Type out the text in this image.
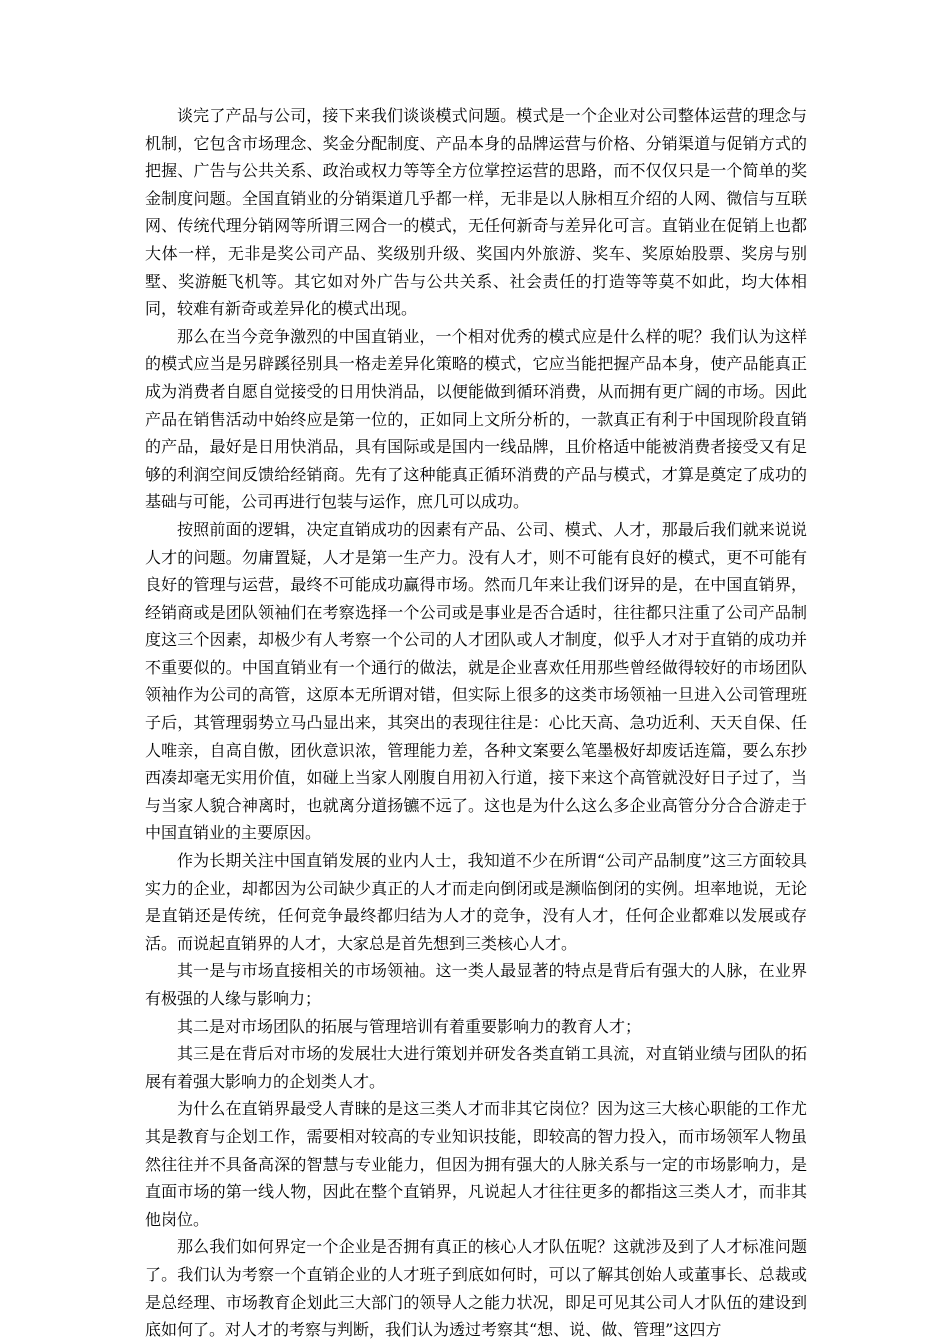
谈完了产品与公司，接下来我们谈谈模式问题。模式是一个企业对公司整体运营的理念与机制，它包含市场理念、奖金分配制度、产品本身的品牌运营与价格、分销渠道与促销方式的把握、广告与公共关系、政治或权力等等全方位掌控运营的思路，而不仅仅只是一个简单的奖金制度问题。全国直销业的分销渠道几乎都一样，无非是以人脉相互介绍的人网、微信与互联网、传统代理分销网等所谓三网合一的模式，无任何新奇与差异化可言。直销业在促销上也都大体一样，无非是奖公司产品、奖级别升级、奖国内外旅游、奖车、奖原始股票、奖房与别墅、奖游艇飞机等。其它如对外广告与公共关系、社会责任的打造等等莫不如此，均大体相同，较难有新奇或差异化的模式出现。

那么在当今竞争激烈的中国直销业，一个相对优秀的模式应是什么样的呢？我们认为这样的模式应当是另辟蹊径别具一格走差异化策略的模式，它应当能把握产品本身，使产品能真正成为消费者自愿自觉接受的日用快消品，以便能做到循环消费，从而拥有更广阔的市场。因此产品在销售活动中始终应是第一位的，正如同上文所分析的，一款真正有利于中国现阶段直销的产品，最好是日用快消品，具有国际或是国内一线品牌，且价格适中能被消费者接受又有足够的利润空间反馈给经销商。先有了这种能真正循环消费的产品与模式，才算是奠定了成功的基础与可能，公司再进行包装与运作，庶几可以成功。

按照前面的逻辑，决定直销成功的因素有产品、公司、模式、人才，那最后我们就来说说人才的问题。勿庸置疑，人才是第一生产力。没有人才，则不可能有良好的模式，更不可能有良好的管理与运营，最终不可能成功赢得市场。然而几年来让我们讶异的是，在中国直销界，经销商或是团队领袖们在考察选择一个公司或是事业是否合适时，往往都只注重了公司产品制度这三个因素，却极少有人考察一个公司的人才团队或人才制度，似乎人才对于直销的成功并不重要似的。中国直销业有一个通行的做法，就是企业喜欢任用那些曾经做得较好的市场团队领袖作为公司的高管，这原本无所谓对错，但实际上很多的这类市场领袖一旦进入公司管理班子后，其管理弱势立马凸显出来，其突出的表现往往是：心比天高、急功近利、天天自保、任人唯亲，自高自傲，团伙意识浓，管理能力差，各种文案要么笔墨极好却废话连篇，要么东抄西凑却毫无实用价值，如碰上当家人刚腹自用初入行道，接下来这个高管就没好日子过了，当与当家人貌合神离时，也就离分道扬镳不远了。这也是为什么这么多企业高管分分合合游走于中国直销业的主要原因。

作为长期关注中国直销发展的业内人士，我知道不少在所谓“公司产品制度”这三方面较具实力的企业，却都因为公司缺少真正的人才而走向倒闭或是濒临倒闭的实例。坦率地说，无论是直销还是传统，任何竞争最终都归结为人才的竞争，没有人才，任何企业都难以发展或存活。而说起直销界的人才，大家总是首先想到三类核心人才。

其一是与市场直接相关的市场领袖。这一类人最显著的特点是背后有强大的人脉，在业界有极强的人缘与影响力；

其二是对市场团队的拓展与管理培训有着重要影响力的教育人才；

其三是在背后对市场的发展壮大进行策划并研发各类直销工具流，对直销业绩与团队的拓展有着强大影响力的企划类人才。

为什么在直销界最受人青睐的是这三类人才而非其它岗位？因为这三大核心职能的工作尤其是教育与企划工作，需要相对较高的专业知识技能，即较高的智力投入，而市场领军人物虽然往往并不具备高深的智慧与专业能力，但因为拥有强大的人脉关系与一定的市场影响力，是直面市场的第一线人物，因此在整个直销界，凡说起人才往往更多的都指这三类人才，而非其他岗位。

那么我们如何界定一个企业是否拥有真正的核心人才队伍呢？这就涉及到了人才标准问题了。我们认为考察一个直销企业的人才班子到底如何时，可以了解其创始人或董事长、总裁或是总经理、市场教育企划此三大部门的领导人之能力状况，即足可见其公司人才队伍的建设到底如何了。对人才的考察与判断，我们认为透过考察其“想、说、做、管理”这四方
